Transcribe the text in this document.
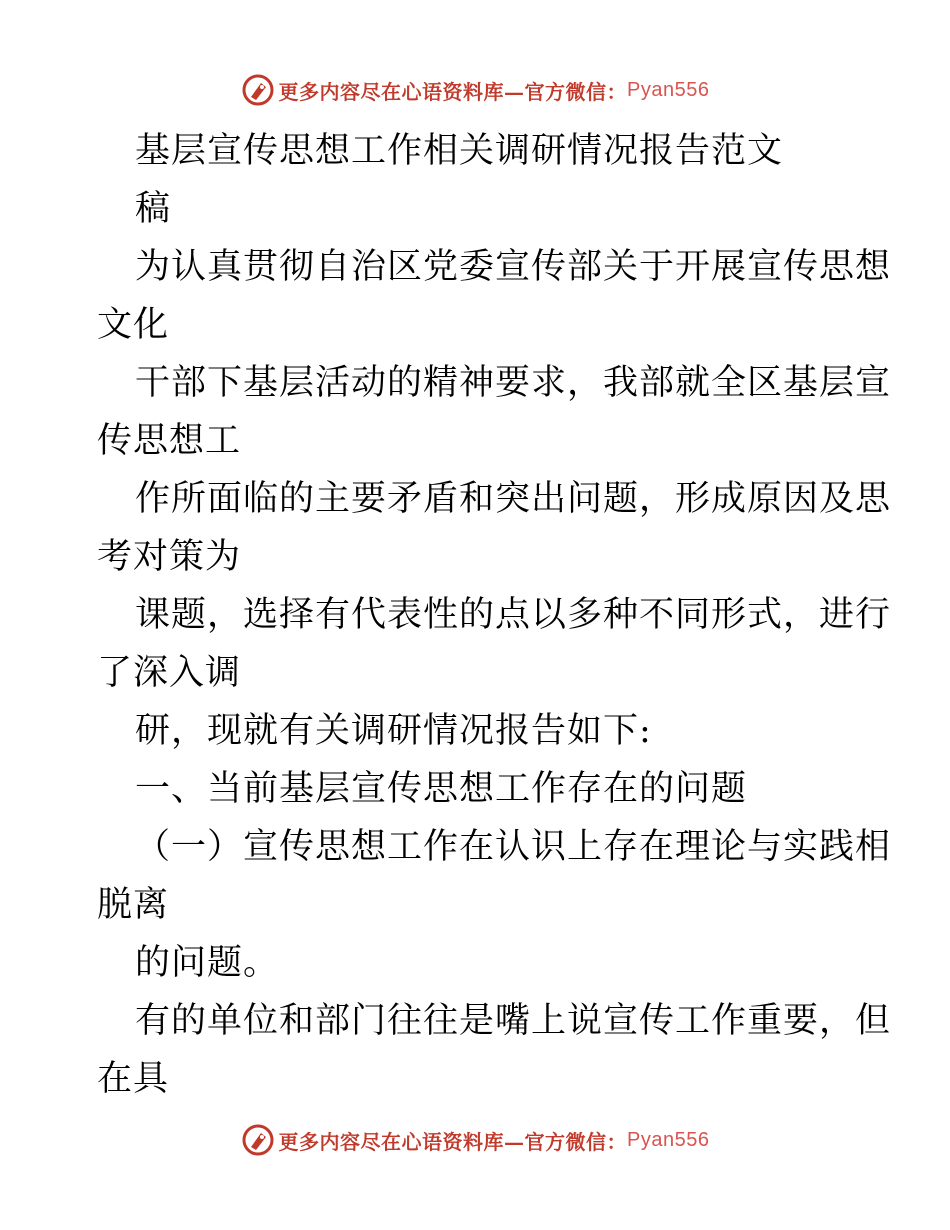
更多内容尽在心语资料库—官方微信： Pyan556
基层宣传思想工作相关调研情况报告范文
稿
为认真贯彻自治区党委宣传部关于开展宣传思想
文化
干部下基层活动的精神要求，我部就全区基层宣
传思想工
作所面临的主要矛盾和突出问题，形成原因及思
考对策为
课题，选择有代表性的点以多种不同形式，进行
了深入调
研，现就有关调研情况报告如下:
一、当前基层宣传思想工作存在的问题
（一）宣传思想工作在认识上存在理论与实践相
脱离
的问题。
有的单位和部门往往是嘴上说宣传工作重要，但
在具
更多内容尽在心语资料库—官方微信： Pyan556
